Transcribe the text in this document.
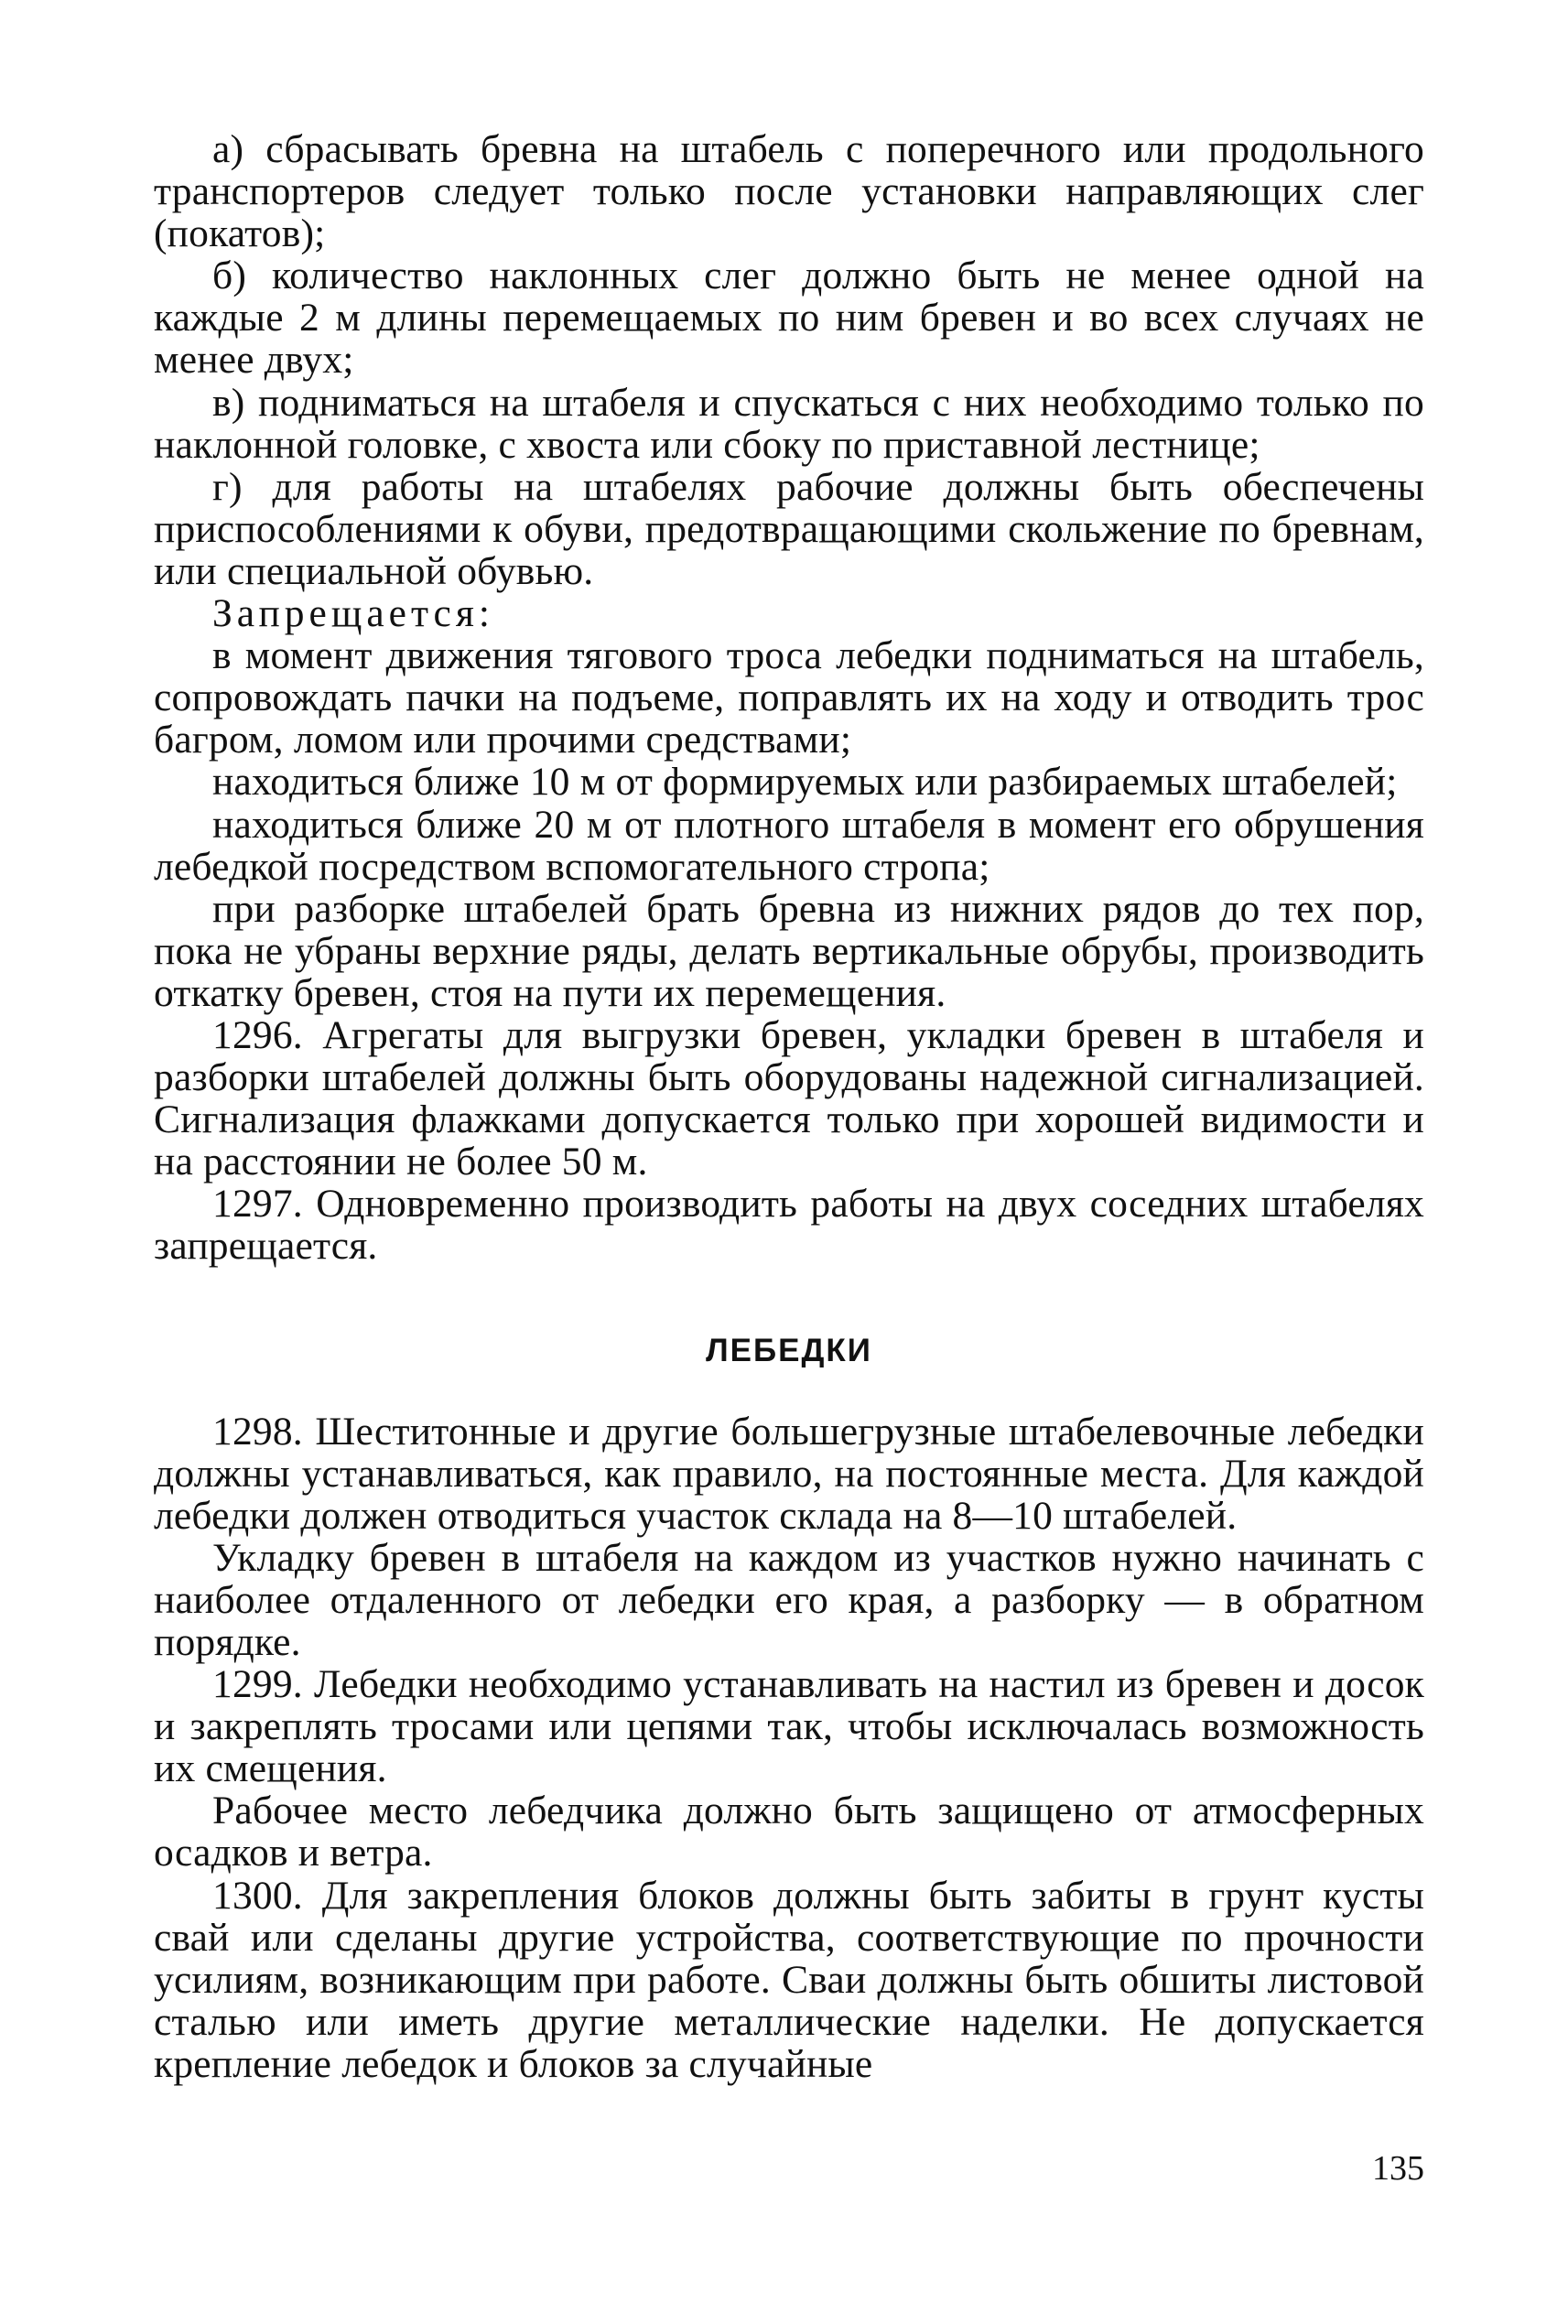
а) сбрасывать бревна на штабель с поперечного или продольного транспортеров следует только после установки направляющих слег (покатов);

б) количество наклонных слег должно быть не менее одной на каждые 2 м длины перемещаемых по ним бревен и во всех случаях не менее двух;

в) подниматься на штабеля и спускаться с них необходимо только по наклонной головке, с хвоста или сбоку по приставной лестнице;

г) для работы на штабелях рабочие должны быть обеспечены приспособлениями к обуви, предотвращающими скольжение по бревнам, или специальной обувью.

Запрещается:

в момент движения тягового троса лебедки подниматься на штабель, сопровождать пачки на подъеме, поправлять их на ходу и отводить трос багром, ломом или прочими средствами;

находиться ближе 10 м от формируемых или разбираемых штабелей;

находиться ближе 20 м от плотного штабеля в момент его обрушения лебедкой посредством вспомогательного стропа;

при разборке штабелей брать бревна из нижних рядов до тех пор, пока не убраны верхние ряды, делать вертикальные обрубы, производить откатку бревен, стоя на пути их перемещения.

1296. Агрегаты для выгрузки бревен, укладки бревен в штабеля и разборки штабелей должны быть оборудованы надежной сигнализацией. Сигнализация флажками допускается только при хорошей видимости и на расстоянии не более 50 м.

1297. Одновременно производить работы на двух соседних штабелях запрещается.

ЛЕБЕДКИ

1298. Шеститонные и другие большегрузные штабелевочные лебедки должны устанавливаться, как правило, на постоянные места. Для каждой лебедки должен отводиться участок склада на 8—10 штабелей.

Укладку бревен в штабеля на каждом из участков нужно начинать с наиболее отдаленного от лебедки его края, а разборку — в обратном порядке.

1299. Лебедки необходимо устанавливать на настил из бревен и досок и закреплять тросами или цепями так, чтобы исключалась возможность их смещения.

Рабочее место лебедчика должно быть защищено от атмосферных осадков и ветра.

1300. Для закрепления блоков должны быть забиты в грунт кусты свай или сделаны другие устройства, соответствующие по прочности усилиям, возникающим при работе. Сваи должны быть обшиты листовой сталью или иметь другие металлические наделки. Не допускается крепление лебедок и блоков за случайные

135
